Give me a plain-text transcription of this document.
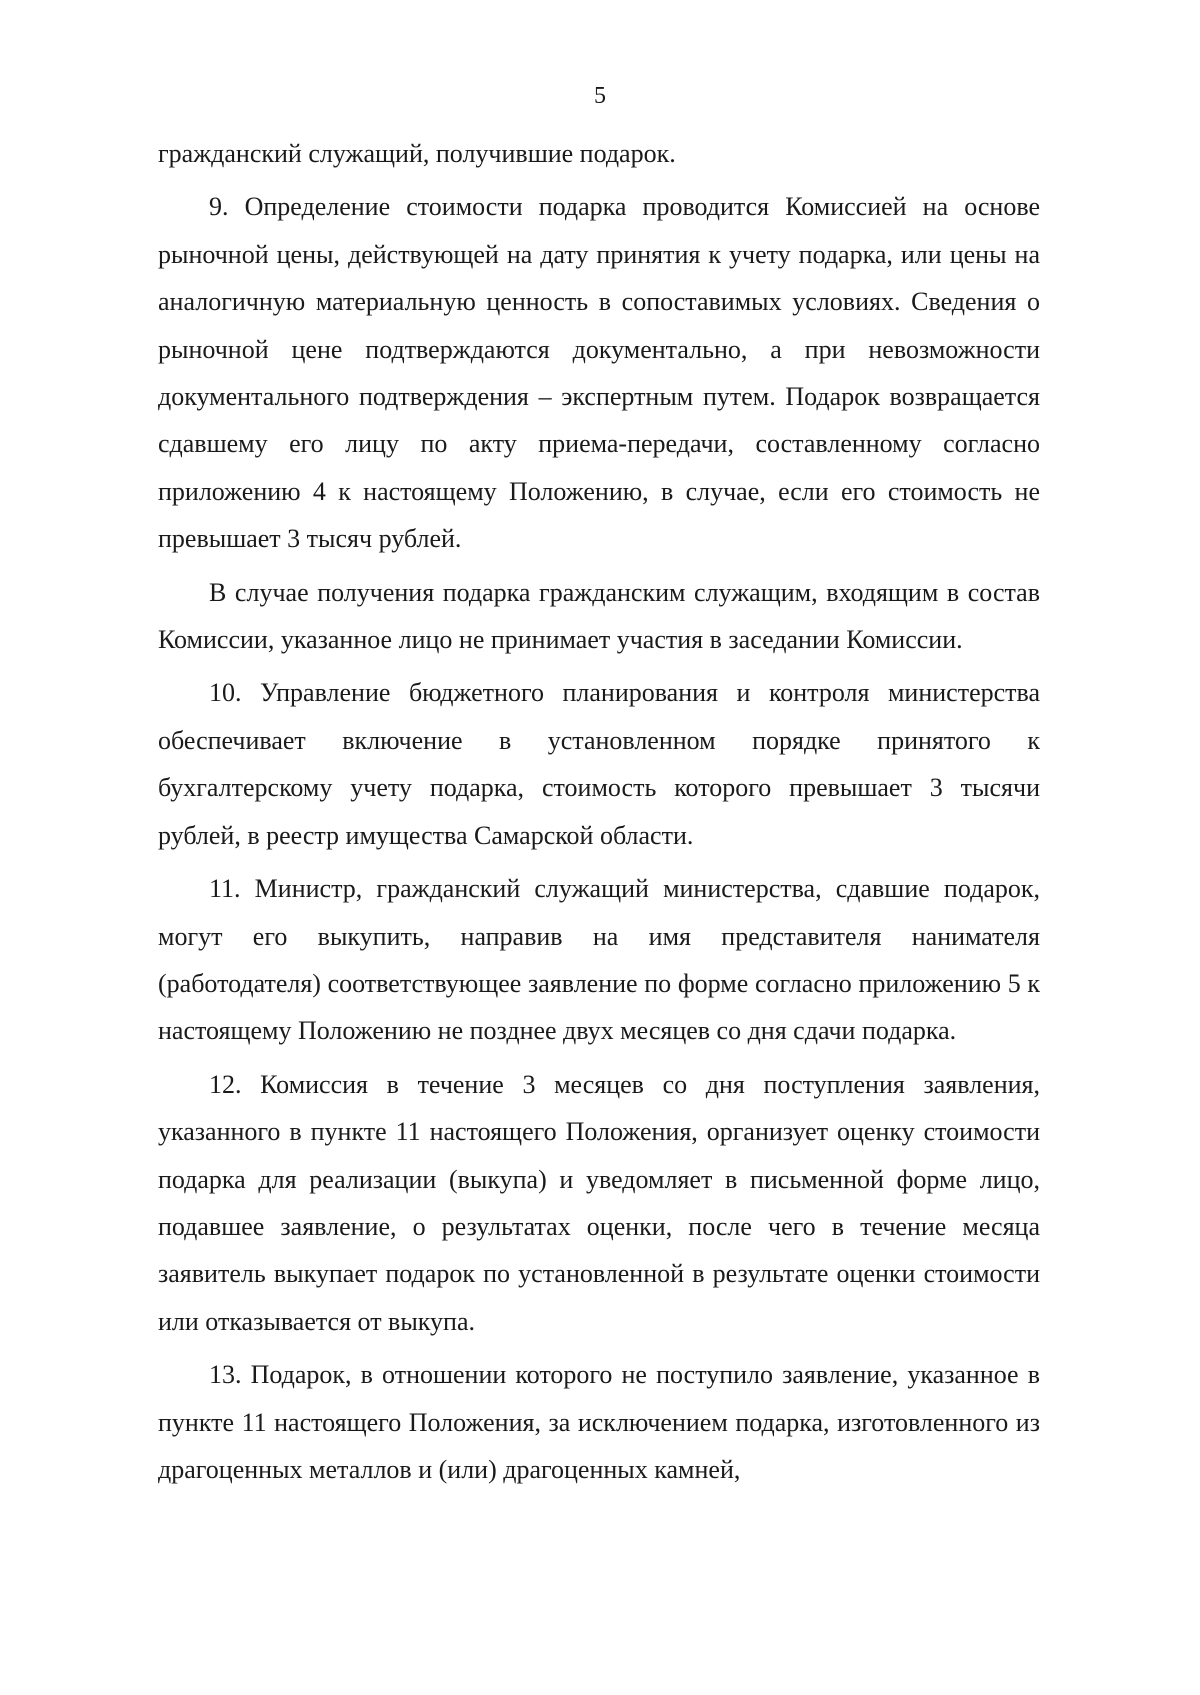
5

гражданский служащий, получившие подарок.

9. Определение стоимости подарка проводится Комиссией на основе рыночной цены, действующей на дату принятия к учету подарка, или цены на аналогичную материальную ценность в сопоставимых условиях. Сведения о рыночной цене подтверждаются документально, а при невозможности документального подтверждения – экспертным путем. Подарок возвращается сдавшему его лицу по акту приема-передачи, составленному согласно приложению 4 к настоящему Положению, в случае, если его стоимость не превышает 3 тысяч рублей.

В случае получения подарка гражданским служащим, входящим в состав Комиссии, указанное лицо не принимает участия в заседании Комиссии.

10. Управление бюджетного планирования и контроля министерства обеспечивает включение в установленном порядке принятого к бухгалтерскому учету подарка, стоимость которого превышает 3 тысячи рублей, в реестр имущества Самарской области.

11. Министр, гражданский служащий министерства, сдавшие подарок, могут его выкупить, направив на имя представителя нанимателя (работодателя) соответствующее заявление по форме согласно приложению 5 к настоящему Положению не позднее двух месяцев со дня сдачи подарка.

12. Комиссия в течение 3 месяцев со дня поступления заявления, указанного в пункте 11 настоящего Положения, организует оценку стоимости подарка для реализации (выкупа) и уведомляет в письменной форме лицо, подавшее заявление, о результатах оценки, после чего в течение месяца заявитель выкупает подарок по установленной в результате оценки стоимости или отказывается от выкупа.

13. Подарок, в отношении которого не поступило заявление, указанное в пункте 11 настоящего Положения, за исключением подарка, изготовленного из драгоценных металлов и (или) драгоценных камней,
